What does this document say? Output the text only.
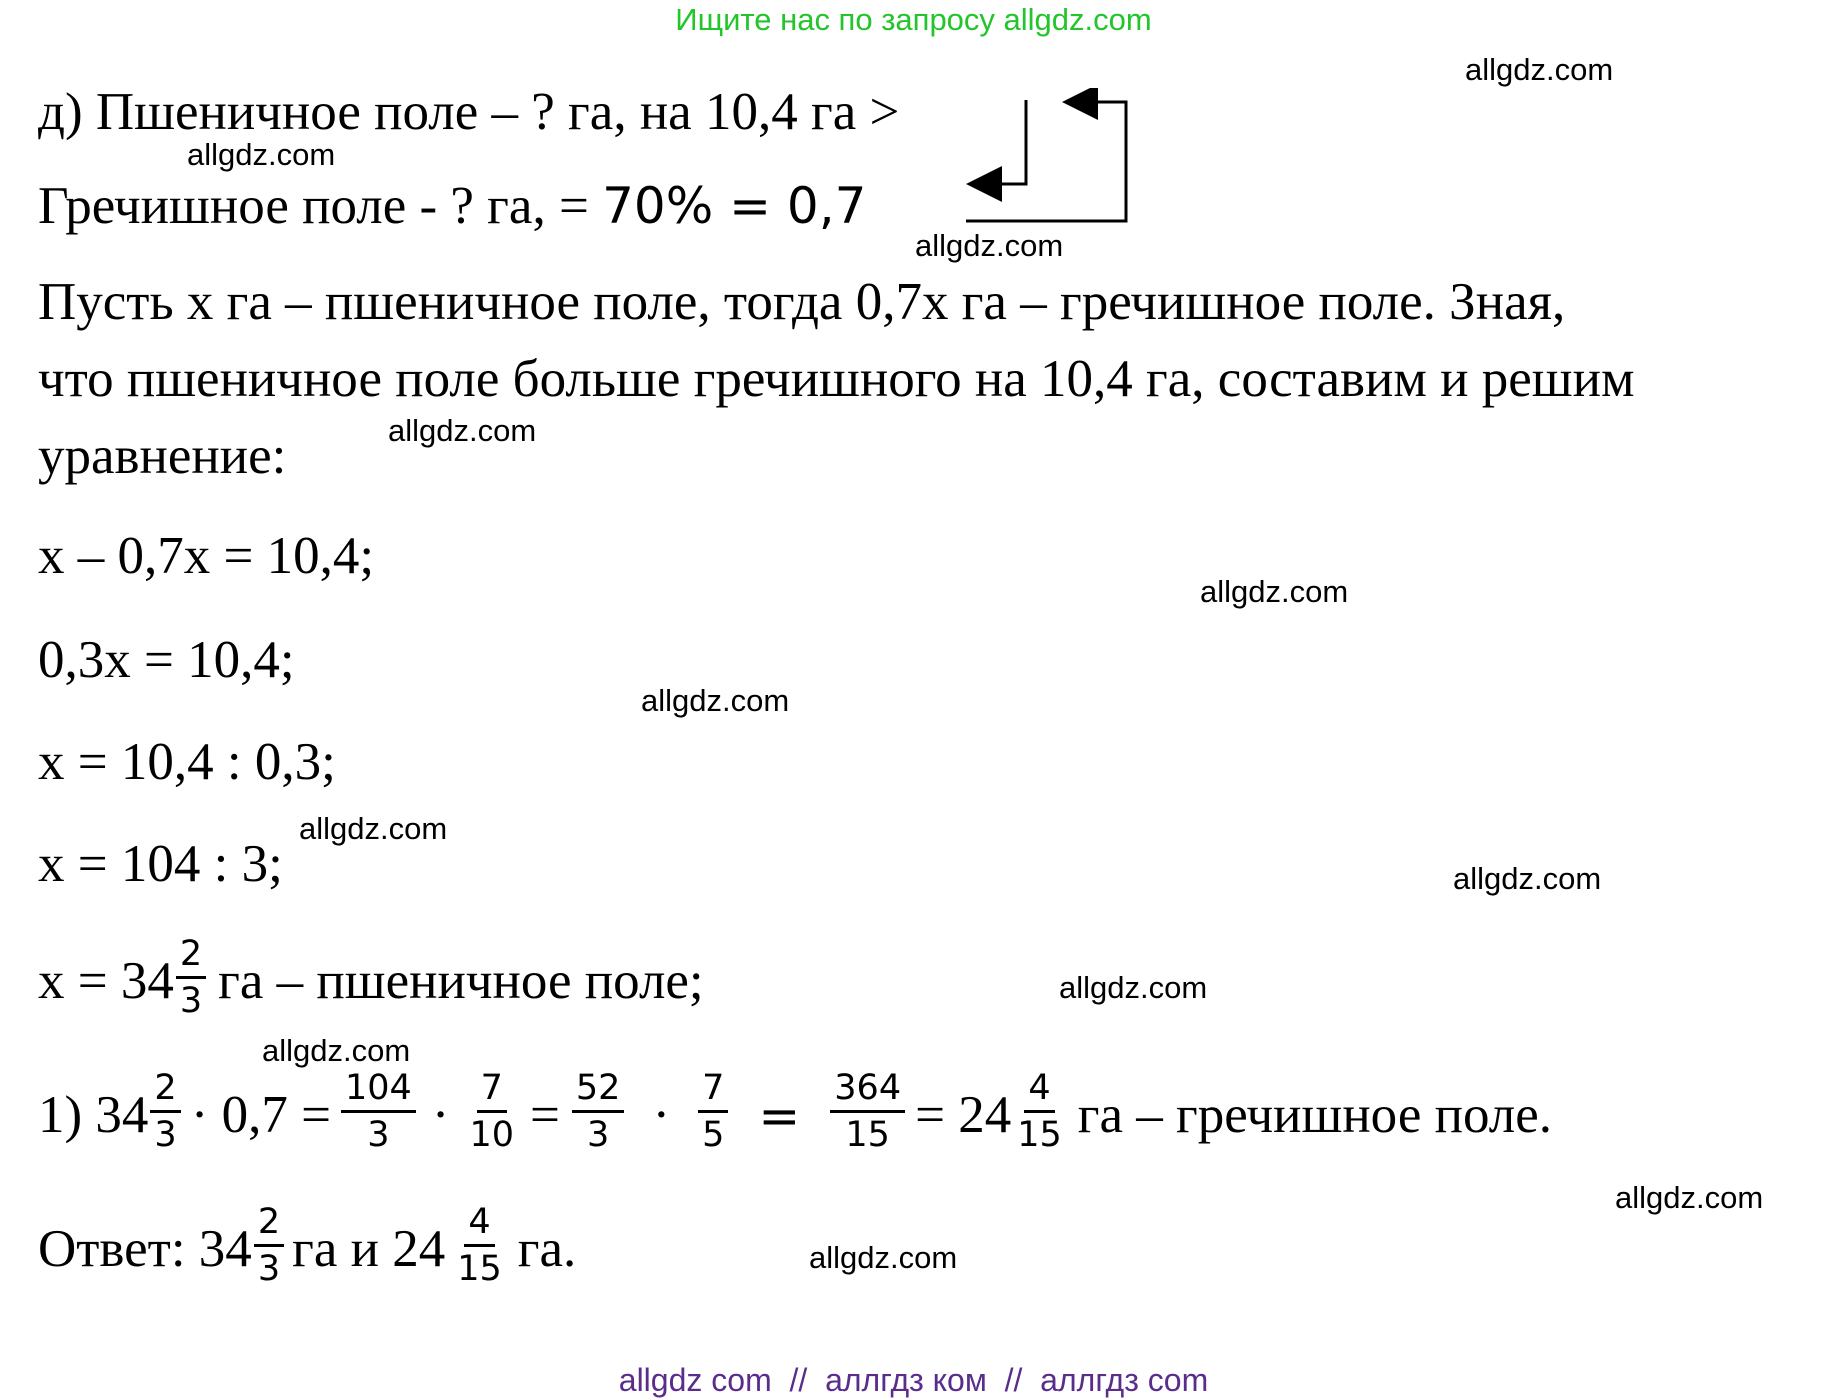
Ищите нас по запросу allgdz.com
д) Пшеничное поле – ? га, на 10,4 га >
Гречишное поле - ? га, = 70% = 0,7
Пусть х га – пшеничное поле, тогда 0,7х га – гречишное поле. Зная,
что пшеничное поле больше гречишного на 10,4 га, составим и решим
уравнение:
х – 0,7х = 10,4;
0,3х = 10,4;
х = 10,4 : 0,3;
х = 104 : 3;
$х = 34 \frac{2}{3}$ га – пшеничное поле;
1) $34 \frac{2}{3} \cdot 0,7 = \frac{104}{3} \cdot \frac{7}{10} = \frac{52}{3} \cdot \frac{7}{5} = \frac{364}{15} = 24 \frac{4}{15}$ га – гречишное поле.
Ответ: $34 \frac{2}{3}$ га и $24 \frac{4}{15}$ га.
allgdz.com
allgdz.com
allgdz.com
allgdz.com
allgdz.com
allgdz.com
allgdz.com
allgdz.com
allgdz.com
allgdz.com
allgdz.com
allgdz.com
allgdz com  //  аллгдз ком  //  аллгдз com
